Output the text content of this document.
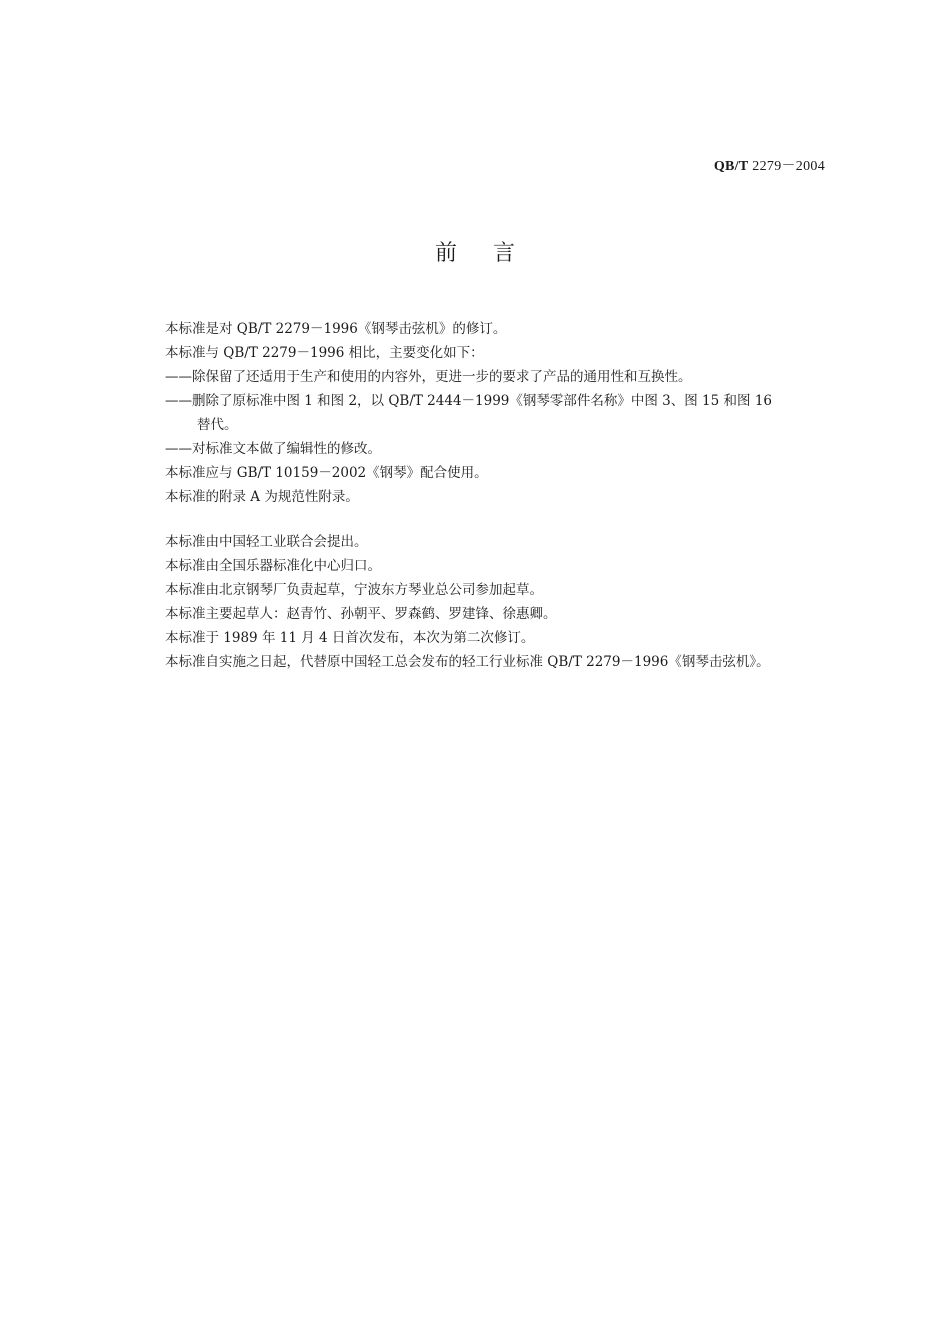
QB/T 2279－2004
前言
本标准是对 QB/T 2279－1996《钢琴击弦机》的修订。
本标准与 QB/T 2279－1996 相比，主要变化如下：
——除保留了还适用于生产和使用的内容外，更进一步的要求了产品的通用性和互换性。
——删除了原标准中图 1 和图 2，以 QB/T 2444－1999《钢琴零部件名称》中图 3、图 15 和图 16
替代。
——对标准文本做了编辑性的修改。
本标准应与 GB/T 10159－2002《钢琴》配合使用。
本标准的附录 A 为规范性附录。
本标准由中国轻工业联合会提出。
本标准由全国乐器标准化中心归口。
本标准由北京钢琴厂负责起草，宁波东方琴业总公司参加起草。
本标准主要起草人：赵青竹、孙朝平、罗森鹤、罗建锋、徐惠卿。
本标准于 1989 年 11 月 4 日首次发布，本次为第二次修订。
本标准自实施之日起，代替原中国轻工总会发布的轻工行业标准 QB/T 2279－1996《钢琴击弦机》。
